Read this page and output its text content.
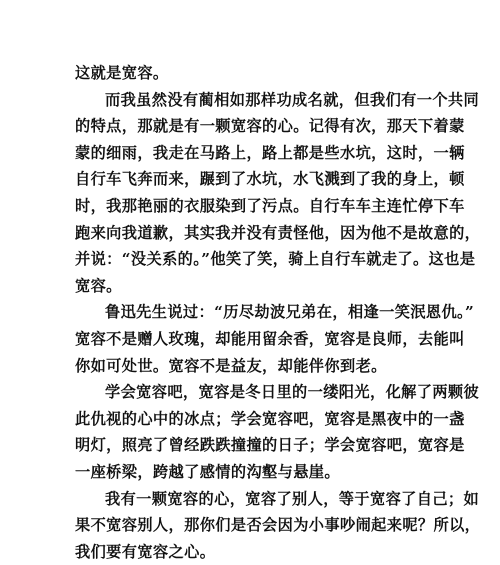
这就是宽容。
而我虽然没有蔺相如那样功成名就，但我们有一个共同
的特点，那就是有一颗宽容的心。记得有次，那天下着蒙
蒙的细雨，我走在马路上，路上都是些水坑，这时，一辆
自行车飞奔而来，蹍到了水坑，水飞溅到了我的身上，顿
时，我那艳丽的衣服染到了污点。自行车车主连忙停下车
跑来向我道歉，其实我并没有责怪他，因为他不是故意的，
并说：“没关系的。”他笑了笑，骑上自行车就走了。这也是
宽容。
鲁迅先生说过：“历尽劫波兄弟在，相逢一笑泯恩仇。”
宽容不是赠人玫瑰，却能用留余香，宽容是良师，去能叫
你如可处世。宽容不是益友，却能伴你到老。
学会宽容吧，宽容是冬日里的一缕阳光，化解了两颗彼
此仇视的心中的冰点；学会宽容吧，宽容是黑夜中的一盏
明灯，照亮了曾经跌跌撞撞的日子；学会宽容吧，宽容是
一座桥梁，跨越了感情的沟壑与悬崖。
我有一颗宽容的心，宽容了别人，等于宽容了自己；如
果不宽容别人，那你们是否会因为小事吵闹起来呢？所以，
我们要有宽容之心。
